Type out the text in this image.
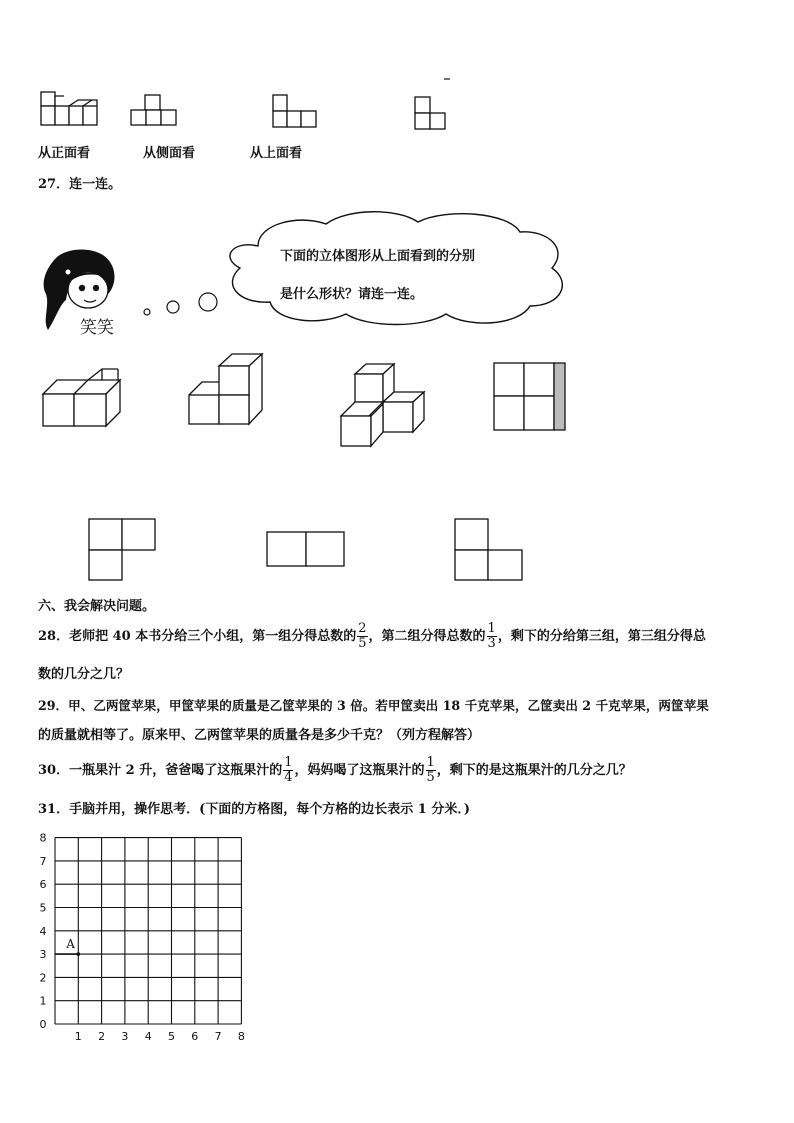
从正面看	从侧面看	从上面看
27．连一连。
笑笑
下面的立体图形从上面看到的分别
是什么形状？请连一连。
六、我会解决问题。
28．老师把 40 本书分给三个小组，第一组分得总数的 $\frac{2}{5}$ ，第二组分得总数的 $\frac{1}{3}$ ，剩下的分给第三组，第三组分得总
数的几分之几？
29．甲、乙两筐苹果，甲筐苹果的质量是乙筐苹果的 3 倍。若甲筐卖出 18 千克苹果，乙筐卖出 2 千克苹果，两筐苹果
的质量就相等了。原来甲、乙两筐苹果的质量各是多少千克？（列方程解答）
30．一瓶果汁 2 升，爸爸喝了这瓶果汁的 $\frac{1}{4}$ ，妈妈喝了这瓶果汁的 $\frac{1}{5}$ ，剩下的是这瓶果汁的几分之几？
31．手脑并用，操作思考．(下面的方格图，每个方格的边长表示 1 分米．)
8
7
6
5
4
3
2
1
0
1 2 3 4 5 6 7 8
A
